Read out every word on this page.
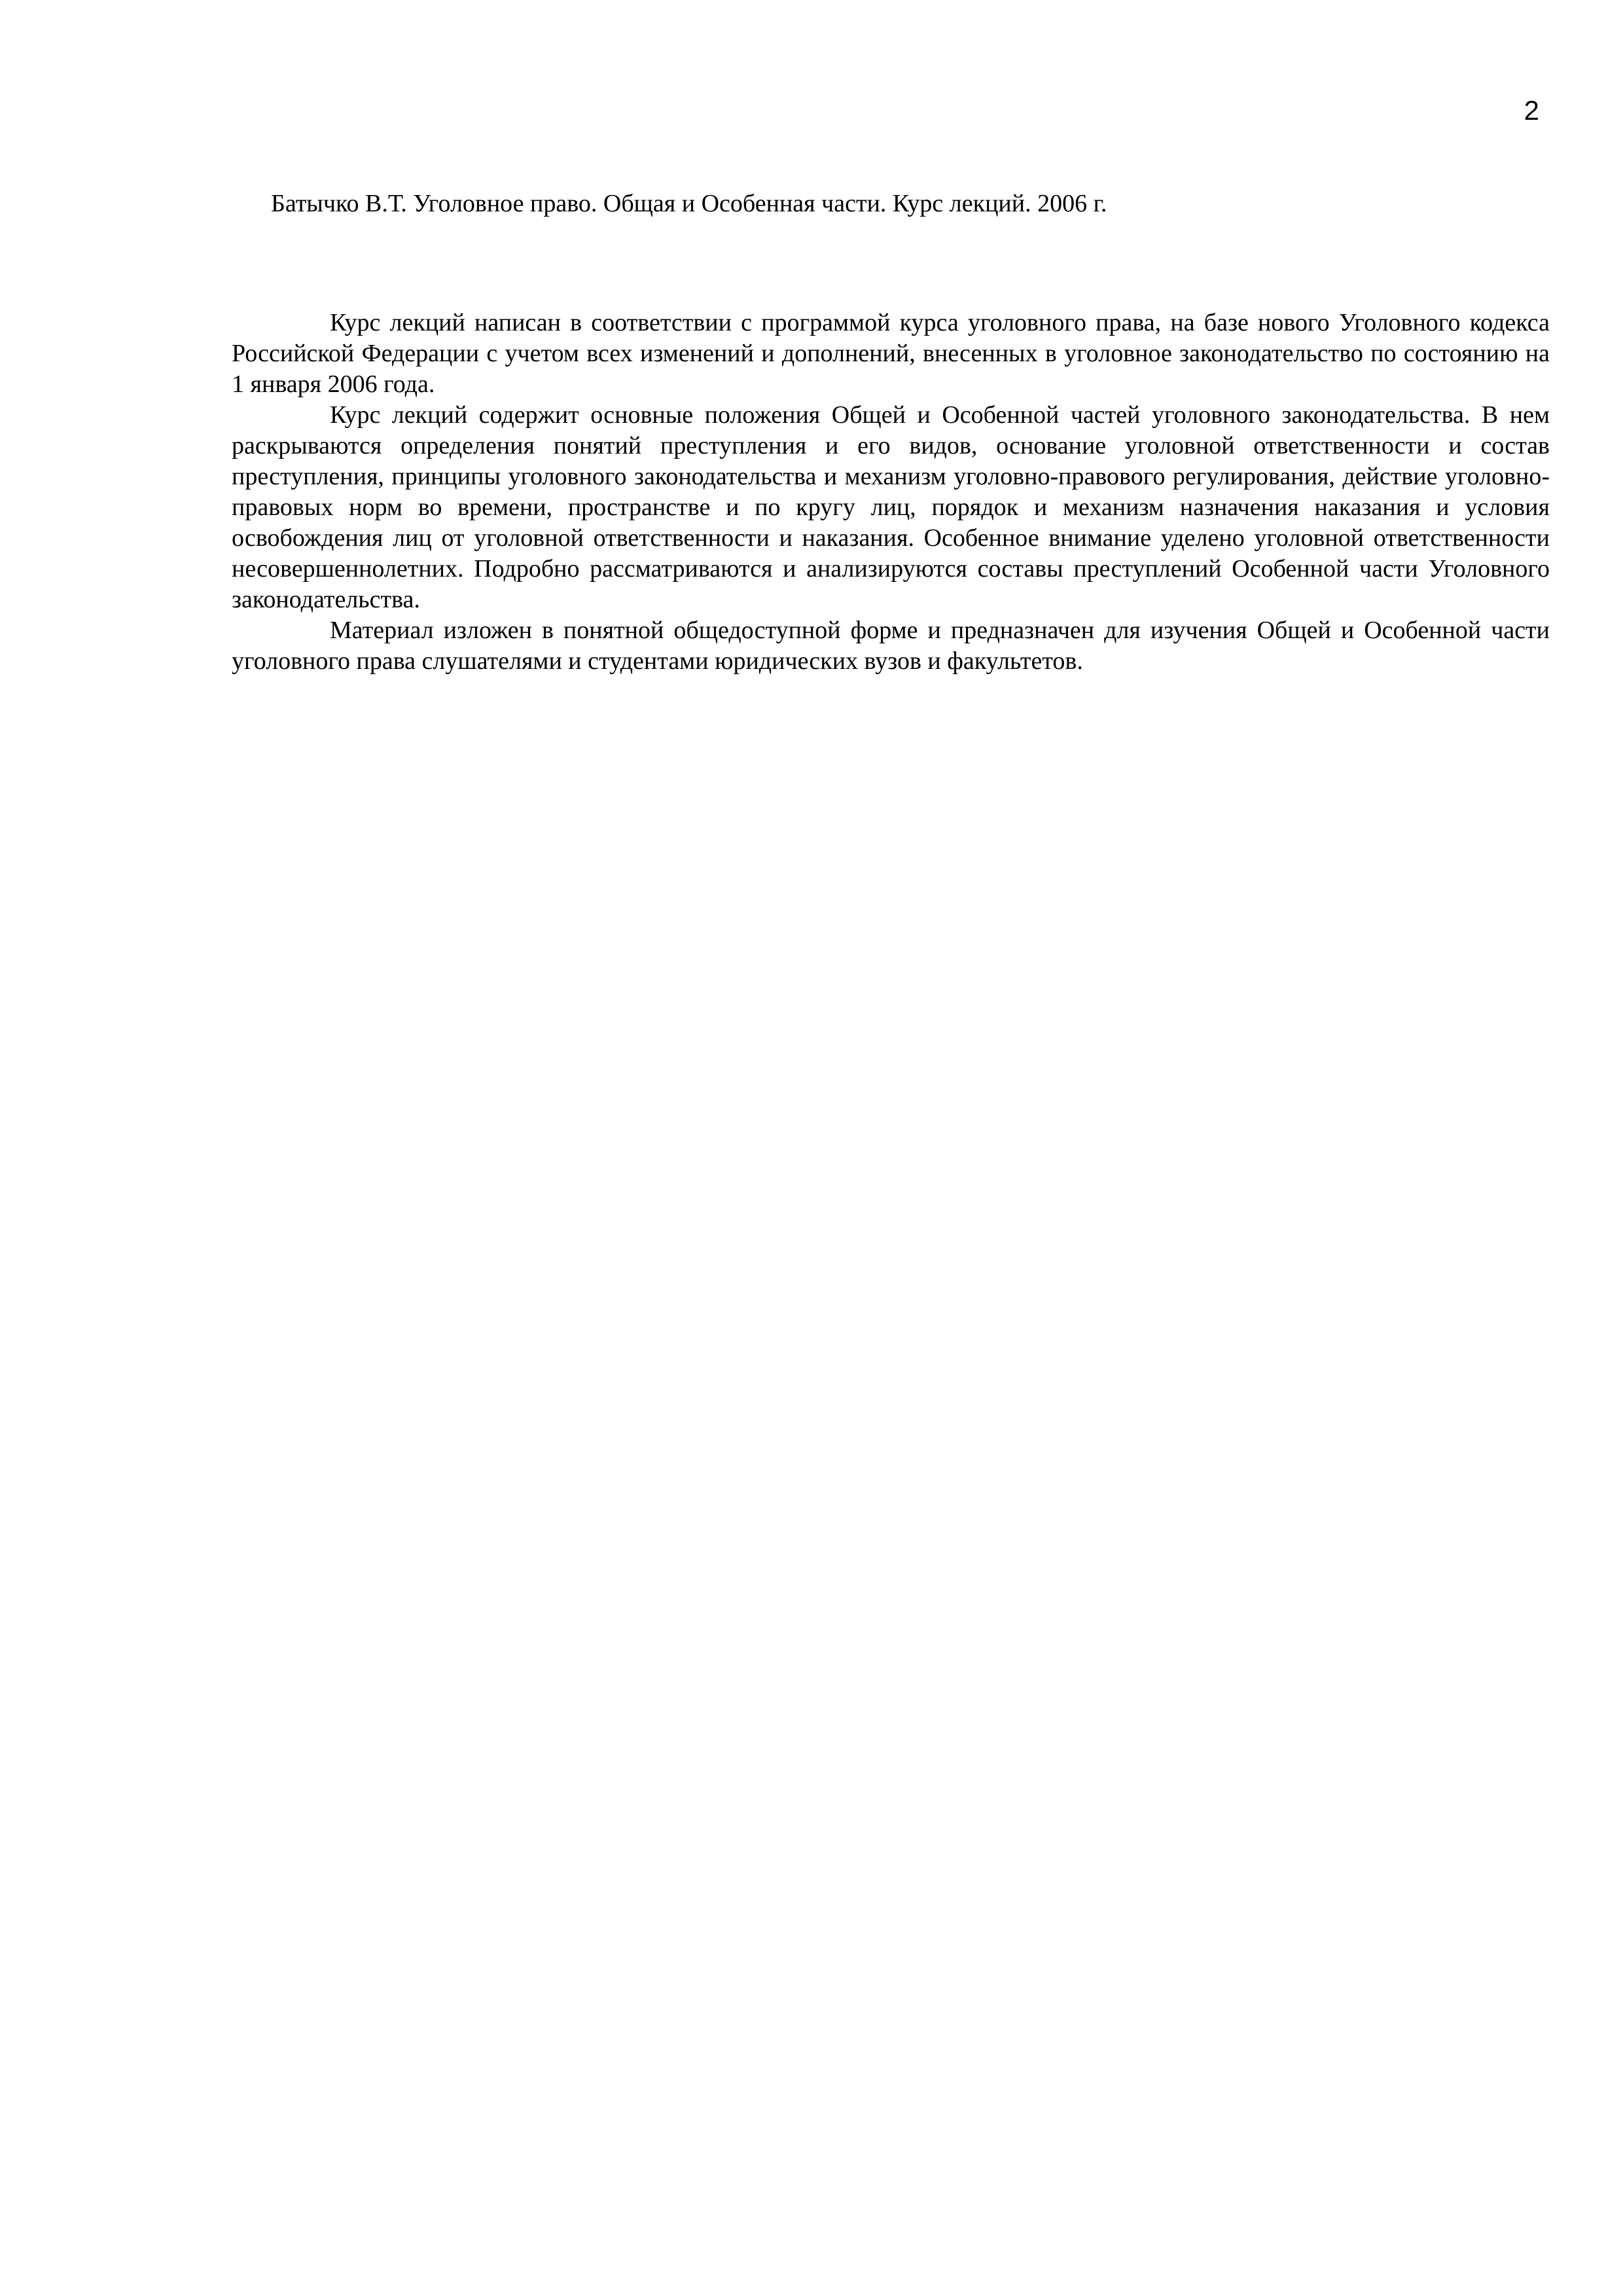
2
Батычко В.Т. Уголовное право. Общая и Особенная части. Курс лекций. 2006 г.

Курс лекций написан в соответствии с программой курса уголовного права, на базе нового Уголовного кодекса Российской Федерации с учетом всех изменений и дополнений, внесенных в уголовное законодательство по состоянию на 1 января 2006 года.

Курс лекций содержит основные положения Общей и Особенной частей уголовного законодательства. В нем раскрываются определения понятий преступления и его видов, основание уголовной ответственности и состав преступления, принципы уголовного законодательства и механизм уголовно-правового регулирования, действие уголовно-правовых норм во времени, пространстве и по кругу лиц, порядок и механизм назначения наказания и условия освобождения лиц от уголовной ответственности и наказания. Особенное внимание уделено уголовной ответственности несовершеннолетних. Подробно рассматриваются и анализируются составы преступлений Особенной части Уголовного законодательства.

Материал изложен в понятной общедоступной форме и предназначен для изучения Общей и Особенной части уголовного права слушателями и студентами юридических вузов и факультетов.
